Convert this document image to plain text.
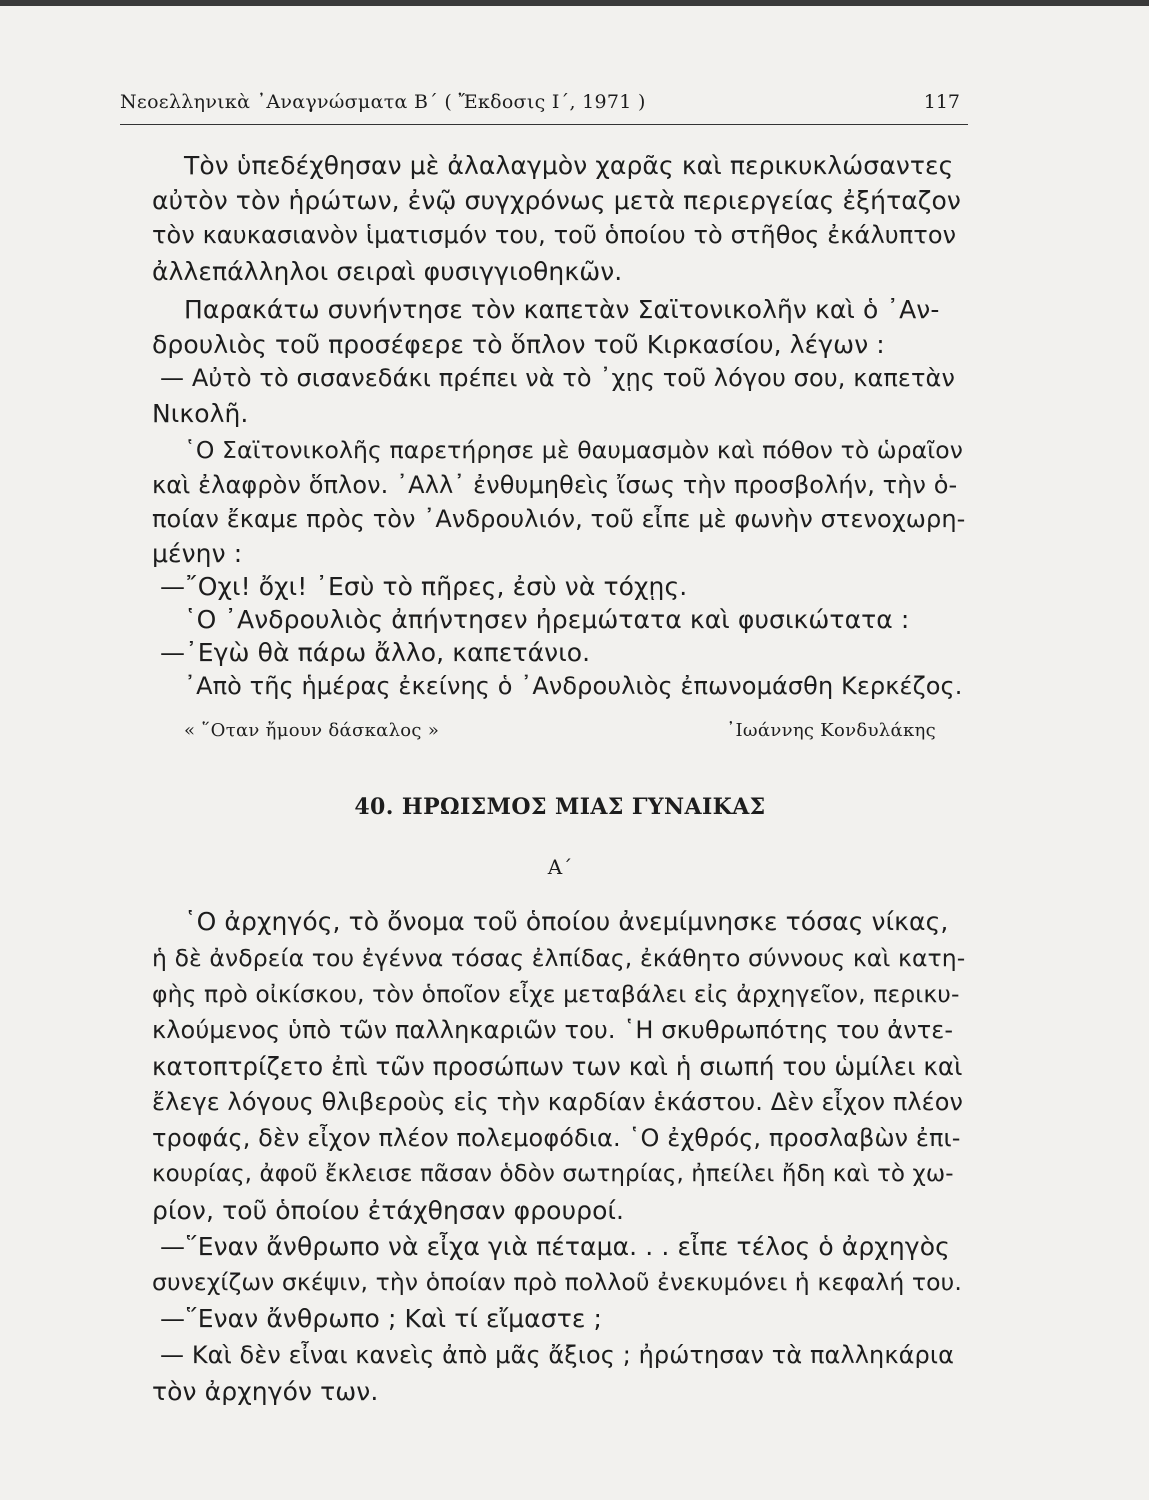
Νεοελληνικὰ ᾿Αναγνώσματα Β΄ ( Ἔκδοσις Ι΄, 1971 )	117
Τὸν ὑπεδέχθησαν μὲ ἀλαλαγμὸν χαρᾶς καὶ περικυκλώσαντες
αὐτὸν τὸν ἡρώτων, ἐνῷ συγχρόνως μετὰ περιεργείας ἐξήταζον
τὸν καυκασιανὸν ἱματισμόν του, τοῦ ὁποίου τὸ στῆθος ἐκάλυπτον
ἀλλεπάλληλοι σειραὶ φυσιγγιοθηκῶν.
Παρακάτω συνήντησε τὸν καπετὰν Σαϊτονικολῆν καὶ ὁ ᾿Αν-
δρουλιὸς τοῦ προσέφερε τὸ ὅπλον τοῦ Κιρκασίου, λέγων :
— Αὐτὸ τὸ σισανεδάκι πρέπει νὰ τὸ ᾿χῃς τοῦ λόγου σου, καπετὰν
Νικολῆ.
῾Ο Σαϊτονικολῆς παρετήρησε μὲ θαυμασμὸν καὶ πόθον τὸ ὡραῖον
καὶ ἐλαφρὸν ὅπλον. ᾿Αλλ᾿ ἐνθυμηθεὶς ἴσως τὴν προσβολήν, τὴν ὁ-
ποίαν ἔκαμε πρὸς τὸν ᾿Ανδρουλιόν, τοῦ εἶπε μὲ φωνὴν στενοχωρη-
μένην :
—῎Οχι! ὄχι! ᾿Εσὺ τὸ πῆρες, ἐσὺ νὰ τόχῃς.
῾Ο ᾿Ανδρουλιὸς ἀπήντησεν ἠρεμώτατα καὶ φυσικώτατα :
—᾿Εγὼ θὰ πάρω ἄλλο, καπετάνιο.
᾿Απὸ τῆς ἡμέρας ἐκείνης ὁ ᾿Ανδρουλιὸς ἐπωνομάσθη Κερκέζος.
« ῞Οταν ἤμουν δάσκαλος »	᾿Ιωάννης Κονδυλάκης
40. ΗΡΩΙΣΜΟΣ ΜΙΑΣ ΓΥΝΑΙΚΑΣ
Α΄
῾Ο ἀρχηγός, τὸ ὄνομα τοῦ ὁποίου ἀνεμίμνησκε τόσας νίκας,
ἡ δὲ ἀνδρεία του ἐγέννα τόσας ἐλπίδας, ἐκάθητο σύννους καὶ κατη-
φὴς πρὸ οἰκίσκου, τὸν ὁποῖον εἶχε μεταβάλει εἰς ἀρχηγεῖον, περικυ-
κλούμενος ὑπὸ τῶν παλληκαριῶν του. ῾Η σκυθρωπότης του ἀντε-
κατοπτρίζετο ἐπὶ τῶν προσώπων των καὶ ἡ σιωπή του ὡμίλει καὶ
ἔλεγε λόγους θλιβεροὺς εἰς τὴν καρδίαν ἑκάστου. Δὲν εἶχον πλέον
τροφάς, δὲν εἶχον πλέον πολεμοφόδια. ῾Ο ἐχθρός, προσλαβὼν ἐπι-
κουρίας, ἀφοῦ ἔκλεισε πᾶσαν ὁδὸν σωτηρίας, ἠπείλει ἤδη καὶ τὸ χω-
ρίον, τοῦ ὁποίου ἐτάχθησαν φρουροί.
—῞Εναν ἄνθρωπο νὰ εἶχα γιὰ πέταμα. . . εἶπε τέλος ὁ ἀρχηγὸς
συνεχίζων σκέψιν, τὴν ὁποίαν πρὸ πολλοῦ ἐνεκυμόνει ἡ κεφαλή του.
—῞Εναν ἄνθρωπο ; Καὶ τί εἴμαστε ;
— Καὶ δὲν εἶναι κανεὶς ἀπὸ μᾶς ἄξιος ; ἠρώτησαν τὰ παλληκάρια
τὸν ἀρχηγόν των.
